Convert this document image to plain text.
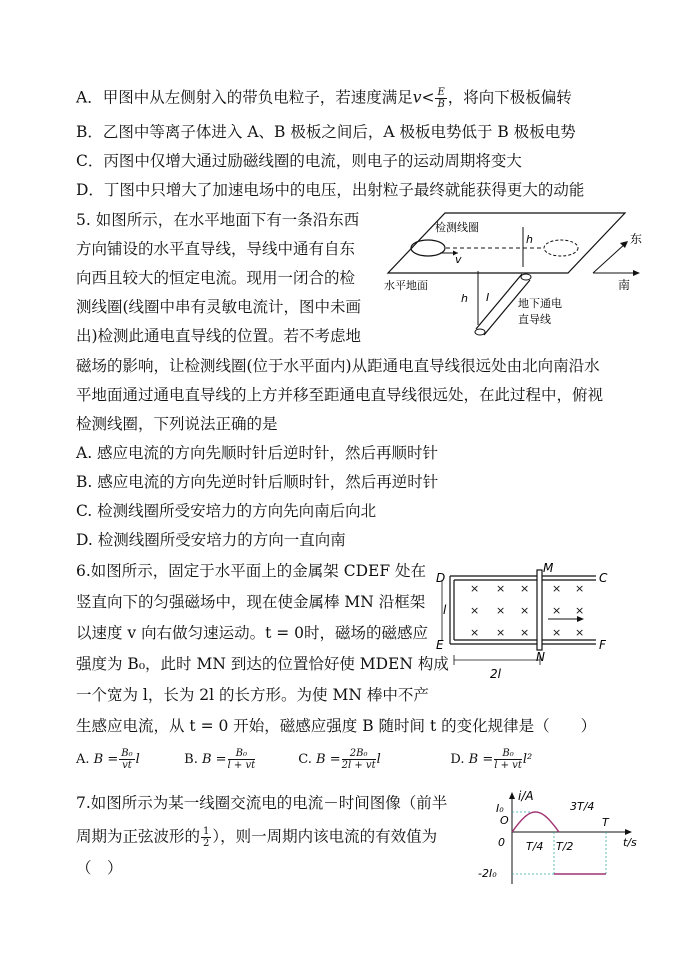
A．甲图中从左侧射入的带负电粒子，若速度满足$v< \frac{E}{B}$ ，将向下极板偏转
B．乙图中等离子体进入 A、B 极板之间后，A 极板电势低于 B 极板电势
C．丙图中仅增大通过励磁线圈的电流，则电子的运动周期将变大
D．丁图中只增大了加速电场中的电压，出射粒子最终就能获得更大的动能
5. 如图所示，在水平地面下有一条沿东西
方向铺设的水平直导线，导线中通有自东
向西且较大的恒定电流。现用一闭合的检
测线圈(线圈中串有灵敏电流计，图中未画
出)检测此通电直导线的位置。若不考虑地
磁场的影响，让检测线圈(位于水平面内)从距通电直导线很远处由北向南沿水
平地面通过通电直导线的上方并移至距通电直导线很远处，在此过程中，俯视
检测线圈，下列说法正确的是
A. 感应电流的方向先顺时针后逆时针，然后再顺时针
B. 感应电流的方向先逆时针后顺时针，然后再逆时针
C. 检测线圈所受安培力的方向先向南后向北
D. 检测线圈所受安培力的方向一直向南
v
检测线圈
水平地面
h
h I	地下通电
直导线
东
南
6.如图所示，固定于水平面上的金属架 CDEF 处在
竖直向下的匀强磁场中，现在使金属棒 MN 沿框架
以速度 v 向右做匀速运动。t = 0时，磁场的磁感应
强度为 B₀，此时 MN 到达的位置恰好使 MDEN 构成
一个宽为 l，长为 2l 的长方形。为使 MN 棒中不产
生感应电流，从 t = 0 开始，磁感应强度 B 随时间 t 的变化规律是（　　）
A. $B = \frac{\text{B₀}}{vt}$ l	B. $B = \frac{\text{B₀}}{l + vt}$	C. $B = \frac{\text{2B₀}}{2l + vt}$ l	D. $B = \frac{\text{B₀}}{l + vt} l^2$
× × × × ×
× × × × ×
× × × × ×
l
2l
D
E
M
N
C
F
7.如图所示为某一线圈交流电的电流－时间图像（前半
周期为正弦波形的 $\frac{1}{2}$ ），则一周期内该电流的有效值为
（　）
i/A
t/s
O
0
I₀
-2I₀
T/4 T/2
3T/4
T
